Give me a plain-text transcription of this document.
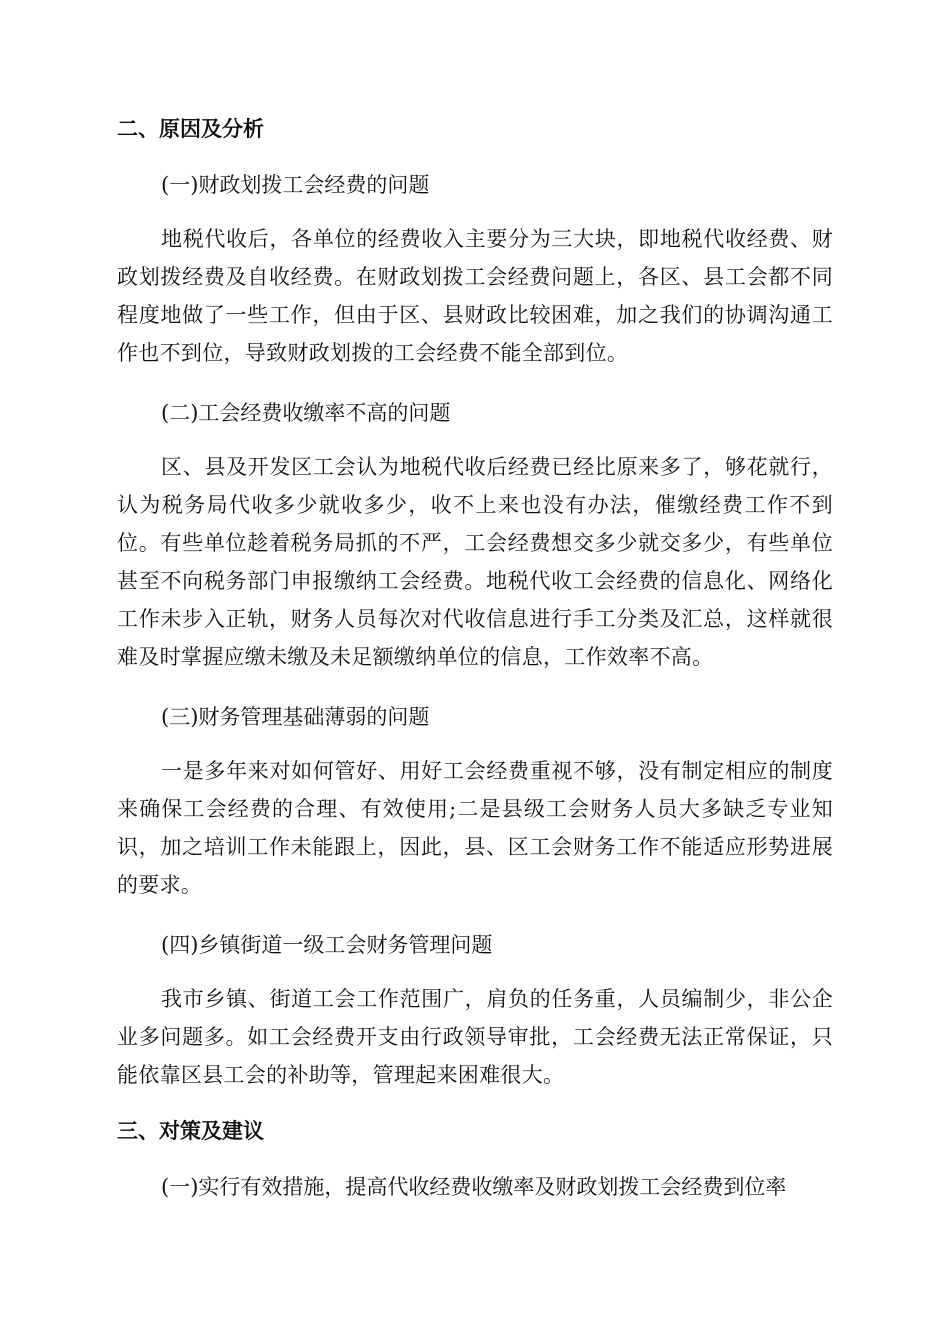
二、原因及分析

(一)财政划拨工会经费的问题

地税代收后，各单位的经费收入主要分为三大块，即地税代收经费、财政划拨经费及自收经费。在财政划拨工会经费问题上，各区、县工会都不同程度地做了一些工作，但由于区、县财政比较困难，加之我们的协调沟通工作也不到位，导致财政划拨的工会经费不能全部到位。

(二)工会经费收缴率不高的问题

区、县及开发区工会认为地税代收后经费已经比原来多了，够花就行，认为税务局代收多少就收多少，收不上来也没有办法，催缴经费工作不到位。有些单位趁着税务局抓的不严，工会经费想交多少就交多少，有些单位甚至不向税务部门申报缴纳工会经费。地税代收工会经费的信息化、网络化工作未步入正轨，财务人员每次对代收信息进行手工分类及汇总，这样就很难及时掌握应缴未缴及未足额缴纳单位的信息，工作效率不高。

(三)财务管理基础薄弱的问题

一是多年来对如何管好、用好工会经费重视不够，没有制定相应的制度来确保工会经费的合理、有效使用;二是县级工会财务人员大多缺乏专业知识，加之培训工作未能跟上，因此，县、区工会财务工作不能适应形势进展的要求。

(四)乡镇街道一级工会财务管理问题

我市乡镇、街道工会工作范围广，肩负的任务重，人员编制少，非公企业多问题多。如工会经费开支由行政领导审批，工会经费无法正常保证，只能依靠区县工会的补助等，管理起来困难很大。

三、对策及建议

(一)实行有效措施，提高代收经费收缴率及财政划拨工会经费到位率
